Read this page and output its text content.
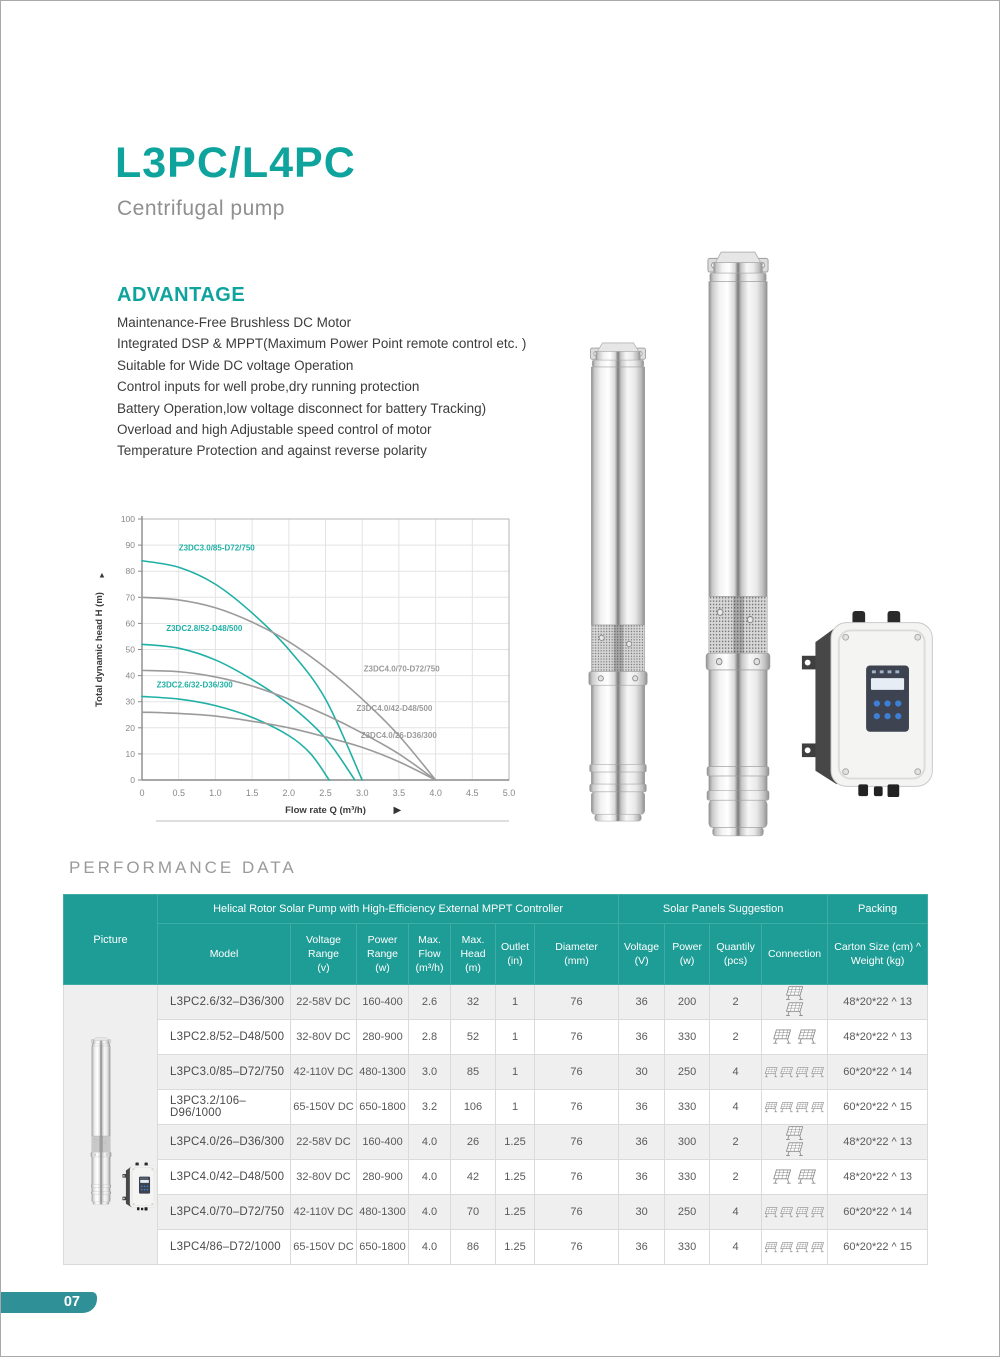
L3PC/L4PC
Centrifugal pump
ADVANTAGE
Maintenance-Free Brushless DC Motor
Integrated DSP & MPPT(Maximum Power Point remote control etc. )
Suitable for Wide DC voltage Operation
Control inputs for well probe,dry running protection
Battery Operation,low voltage disconnect for battery Tracking)
Overload and high Adjustable speed control of motor
Temperature Protection and against reverse polarity
0
10
20
30
40
50
60
70
80
90
100
0	0.5	1.0	1.5	2.0	2.5	3.0	3.5	4.0	4.5	5.0
Flow rate Q (m³/h)	▶
Total dynamic head H (m)
▲
Z3DC3.0/85-D72/750
Z3DC2.8/52-D48/500
Z3DC2.6/32-D36/300
Z3DC4.0/70-D72/750
Z3DC4.0/42-D48/500
Z3DC4.0/26-D36/300
PERFORMANCE DATA
Picture	Helical Rotor Solar Pump with High-Efficiency External MPPT Controller							Solar Panels Suggestion				Packing
	Model	Voltage
Range
(v)	Power
Range
(w)	Max.
Flow
(m³/h)	Max.
Head
(m)	Outlet
(in)	Diameter
(mm)	Voltage
(V)	Power
(w)	Quantily
(pcs)	Connection	Carton Size (cm) ^
Weight (kg)

	L3PC2.6/32–D36/300	22-58V DC	160-400	2.6	32	1	76	36	200	2		48*20*22 ^ 13
	L3PC2.8/52–D48/500	32-80V DC	280-900	2.8	52	1	76	36	330	2		48*20*22 ^ 13
	L3PC3.0/85–D72/750	42-110V DC	480-1300	3.0	85	1	76	30	250	4		60*20*22 ^ 14
	L3PC3.2/106–D96/1000	65-150V DC	650-1800	3.2	106	1	76	36	330	4		60*20*22 ^ 15
	L3PC4.0/26–D36/300	22-58V DC	160-400	4.0	26	1.25	76	36	300	2		48*20*22 ^ 13
	L3PC4.0/42–D48/500	32-80V DC	280-900	4.0	42	1.25	76	36	330	2		48*20*22 ^ 13
	L3PC4.0/70–D72/750	42-110V DC	480-1300	4.0	70	1.25	76	30	250	4		60*20*22 ^ 14
	L3PC4/86–D72/1000	65-150V DC	650-1800	4.0	86	1.25	76	36	330	4		60*20*22 ^ 15
07
